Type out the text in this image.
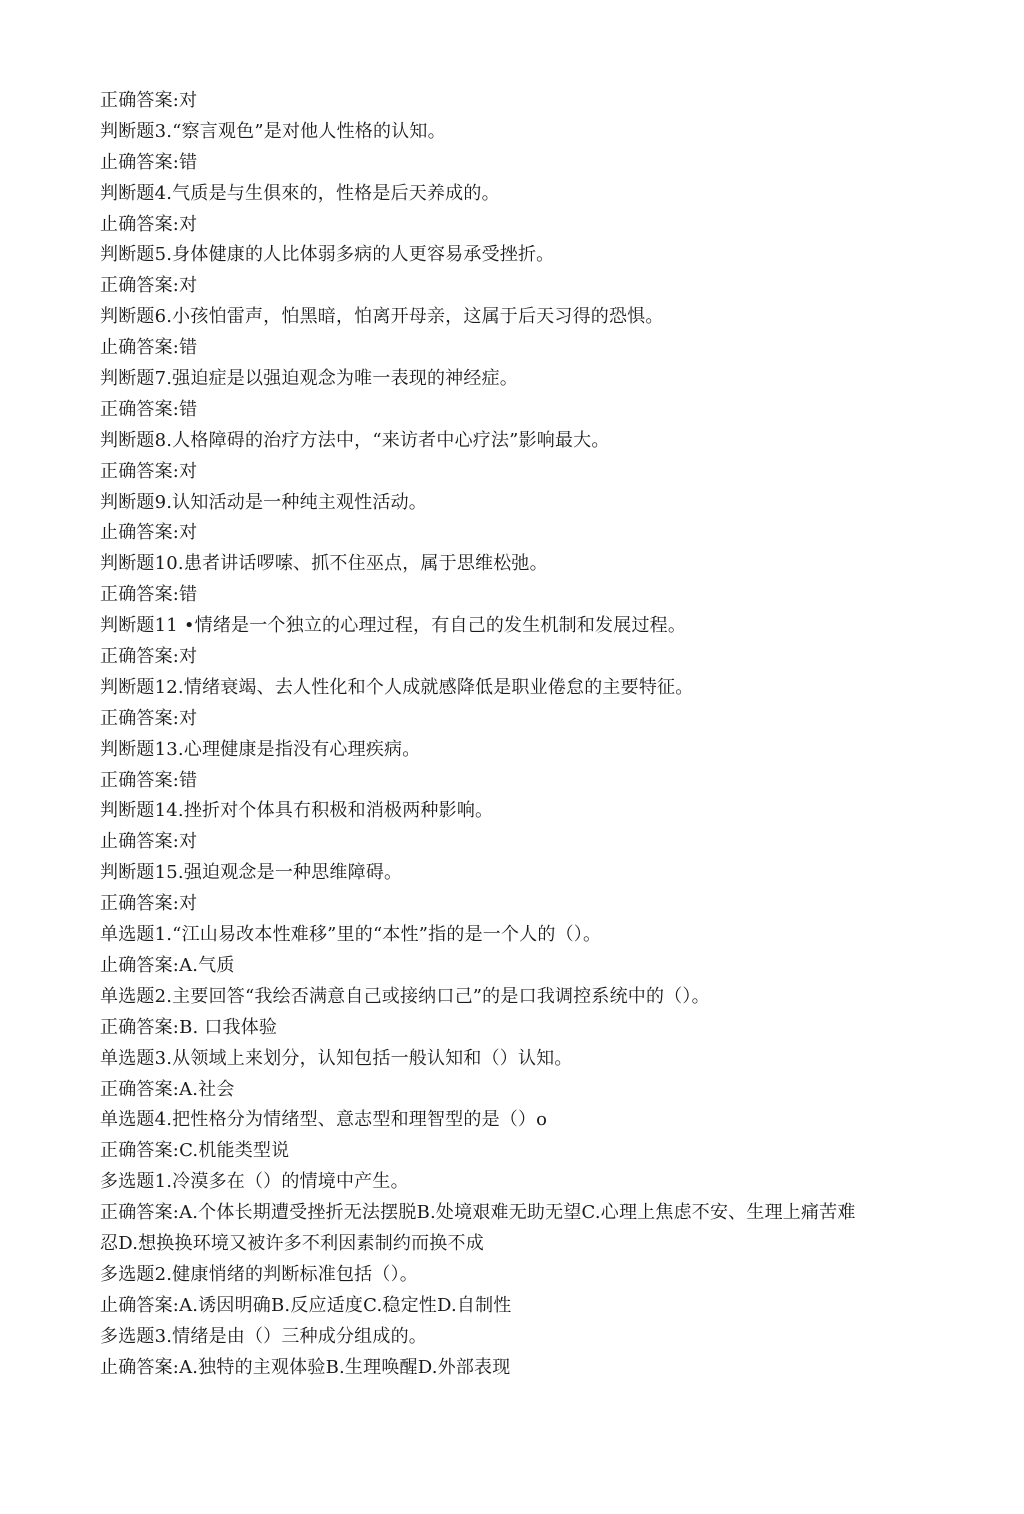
正确答案:对
判断题3.“察言观色”是对他人性格的认知。
止确答案:错
判断题4.气质是与生俱來的，性格是后天养成的。
止确答案:对
判断题5.身体健康的人比体弱多病的人更容易承受挫折。
正确答案:对
判断题6.小孩怕雷声，怕黑暗，怕离开母亲，这属于后天习得的恐惧。
止确答案:错
判断题7.强迫症是以强迫观念为唯一表现的神经症。
正确答案:错
判断题8.人格障碍的治疗方法中，“来访者中心疗法”影响最大。
正确答案:对
判断题9.认知活动是一种纯主观性活动。
止确答案:对
判断题10.患者讲话啰嗦、抓不住巫点，属于思维松弛。
正确答案:错
判断题11 •情绪是一个独立的心理过程，有自己的发生机制和发展过程。
正确答案:对
判断题12.情绪衰竭、去人性化和个人成就感降低是职业倦怠的主要特征。
正确答案:对
判断题13.心理健康是指没有心理疾病。
正确答案:错
判断题14.挫折对个体具冇积极和消极两种影响。
止确答案:对
判断题15.强迫观念是一种思维障碍。
正确答案:对
单选题1.“江山易改本性难移”里的“本性”指的是一个人的（）。
止确答案:A.气质
单选题2.主要回答“我绘否满意自己或接纳口己”的是口我调控系统中的（）。
正确答案:B. 口我体验
单选题3.从领域上来划分，认知包括一般认知和（）认知。
正确答案:A.社会
单选题4.把性格分为情绪型、意志型和理智型的是（）o
正确答案:C.机能类型说
多选题1.冷漠多在（）的情境中产生。
正确答案:A.个体长期遭受挫折无法摆脱B.处境艰难无助无望C.心理上焦虑不安、生理上痛苦难忍D.想换换环境又被许多不利因素制约而换不成
多选题2.健康悄绪的判断标准包括（）。
止确答案:A.诱因明确B.反应适度C.稳定性D.自制性
多选题3.情绪是由（）三种成分组成的。
止确答案:A.独特的主观体验B.生理唤醒D.外部表现
